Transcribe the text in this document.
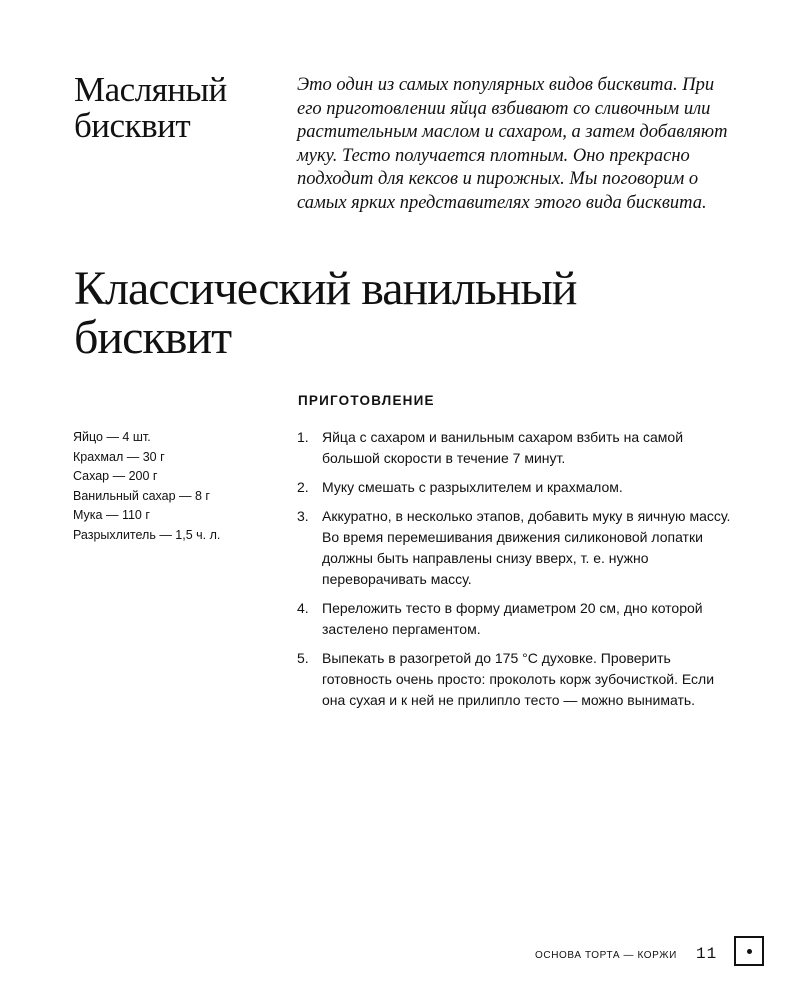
Масляный
бисквит

Это один из самых популярных видов бисквита. При его приготовлении яйца взбивают со сливочным или растительным маслом и сахаром, а затем добавляют муку. Тесто получается плотным. Оно прекрасно подходит для кексов и пирожных. Мы поговорим о самых ярких представителях этого вида бисквита.

Классический ванильный
бисквит
Яйцо — 4 шт.
Крахмал — 30 г
Сахар — 200 г
Ванильный сахар — 8 г
Мука — 110 г
Разрыхлитель — 1,5 ч. л.
ПРИГОТОВЛЕНИЕ
1. Яйца с сахаром и ванильным сахаром взбить на самой большой скорости в течение 7 минут.
2. Муку смешать с разрыхлителем и крахмалом.
3. Аккуратно, в несколько этапов, добавить муку в яичную массу. Во время перемешивания движения силиконовой лопатки должны быть направлены снизу вверх, т. е. нужно переворачивать массу.
4. Переложить тесто в форму диаметром 20 см, дно которой застелено пергаментом.
5. Выпекать в разогретой до 175 °С духовке. Проверить готовность очень просто: проколоть корж зубочисткой. Если она сухая и к ней не прилипло тесто — можно вынимать.
ОСНОВА ТОРТА — КОРЖИ 11
